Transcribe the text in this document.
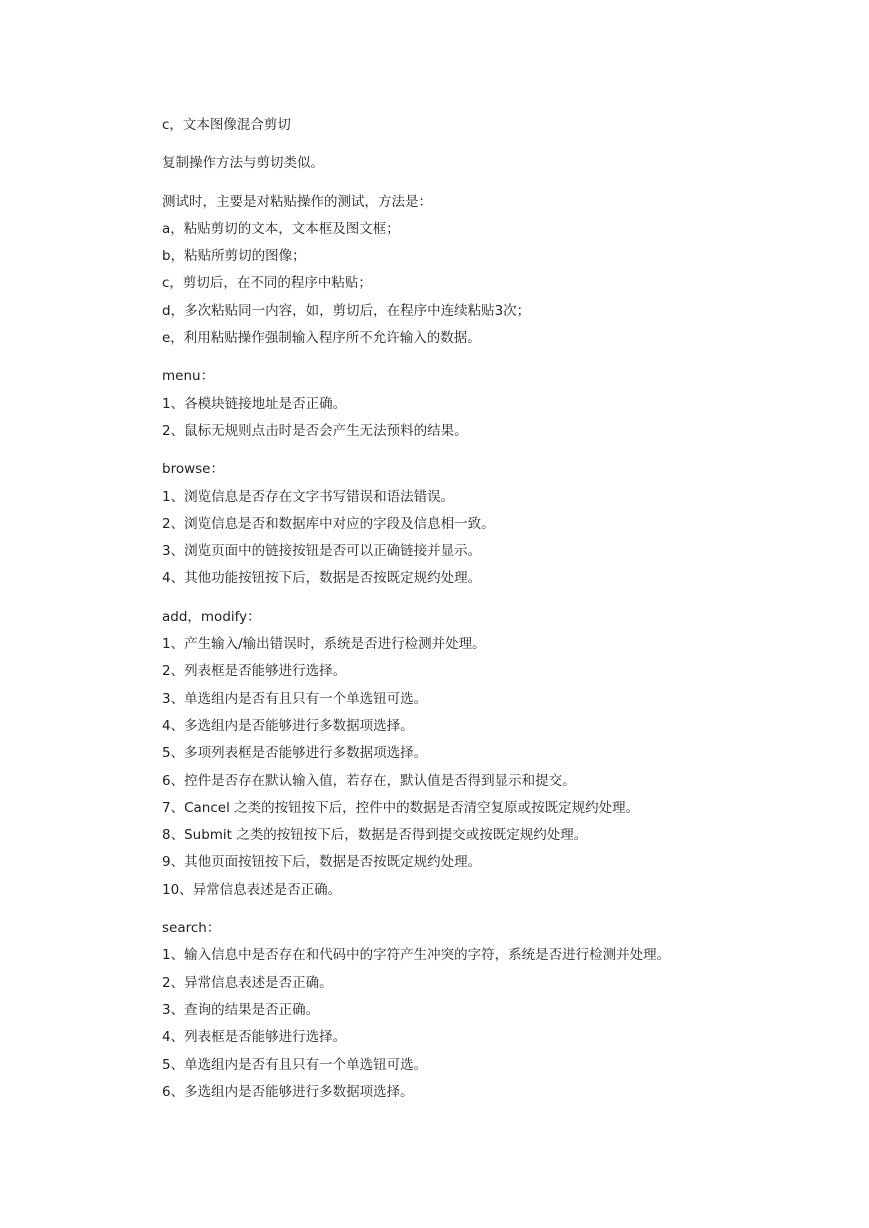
c，文本图像混合剪切
复制操作方法与剪切类似。
测试时，主要是对粘贴操作的测试，方法是：
a，粘贴剪切的文本，文本框及图文框；
b，粘贴所剪切的图像；
c，剪切后，在不同的程序中粘贴；
d，多次粘贴同一内容，如，剪切后，在程序中连续粘贴3次；
e，利用粘贴操作强制输入程序所不允许输入的数据。
menu：
1、各模块链接地址是否正确。
2、鼠标无规则点击时是否会产生无法预料的结果。
browse：
1、浏览信息是否存在文字书写错误和语法错误。
2、浏览信息是否和数据库中对应的字段及信息相一致。
3、浏览页面中的链接按钮是否可以正确链接并显示。
4、其他功能按钮按下后，数据是否按既定规约处理。
add，modify：
1、产生输入/输出错误时，系统是否进行检测并处理。
2、列表框是否能够进行选择。
3、单选组内是否有且只有一个单选钮可选。
4、多选组内是否能够进行多数据项选择。
5、多项列表框是否能够进行多数据项选择。
6、控件是否存在默认输入值，若存在，默认值是否得到显示和提交。
7、Cancel 之类的按钮按下后，控件中的数据是否清空复原或按既定规约处理。
8、Submit 之类的按钮按下后，数据是否得到提交或按既定规约处理。
9、其他页面按钮按下后，数据是否按既定规约处理。
10、异常信息表述是否正确。
search：
1、输入信息中是否存在和代码中的字符产生冲突的字符，系统是否进行检测并处理。
2、异常信息表述是否正确。
3、查询的结果是否正确。
4、列表框是否能够进行选择。
5、单选组内是否有且只有一个单选钮可选。
6、多选组内是否能够进行多数据项选择。
